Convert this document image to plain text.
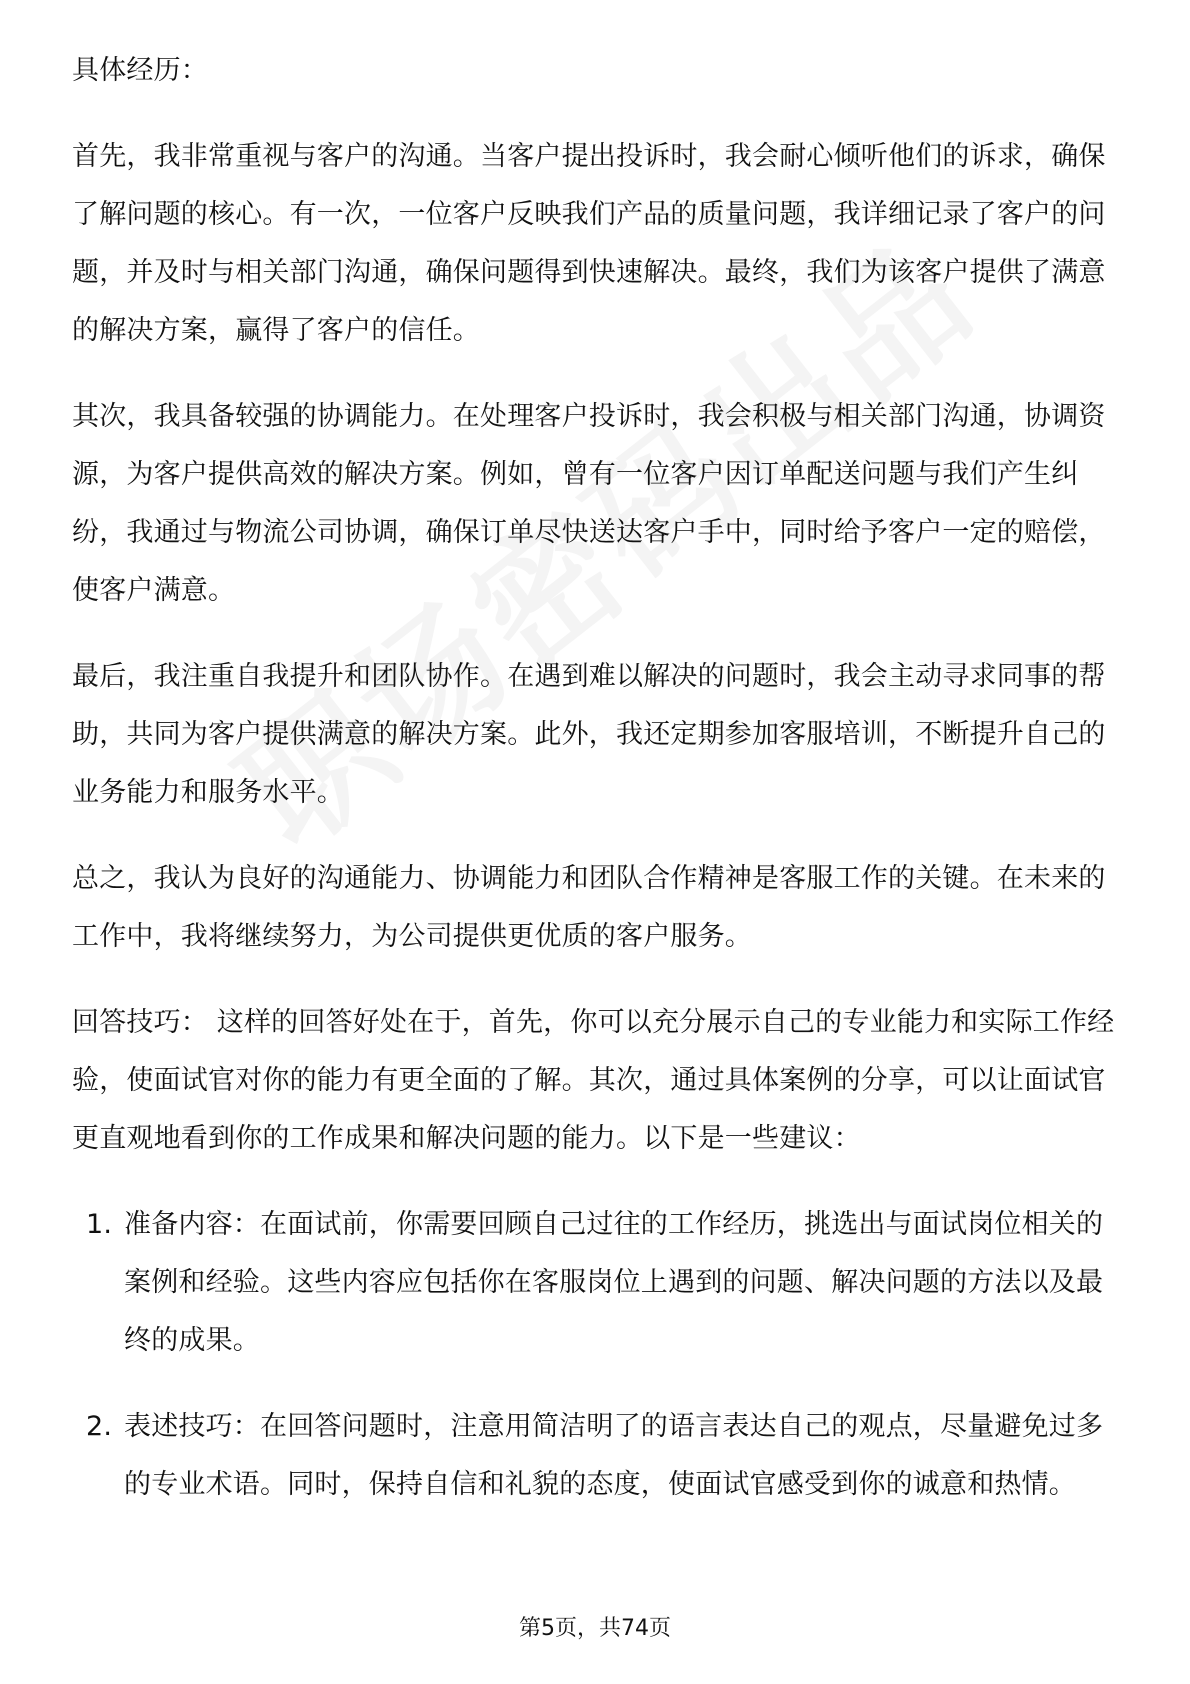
具体经历：

首先，我非常重视与客户的沟通。当客户提出投诉时，我会耐心倾听他们的诉求，确保了解问题的核心。有一次，一位客户反映我们产品的质量问题，我详细记录了客户的问题，并及时与相关部门沟通，确保问题得到快速解决。最终，我们为该客户提供了满意的解决方案，赢得了客户的信任。

其次，我具备较强的协调能力。在处理客户投诉时，我会积极与相关部门沟通，协调资源，为客户提供高效的解决方案。例如，曾有一位客户因订单配送问题与我们产生纠纷，我通过与物流公司协调，确保订单尽快送达客户手中，同时给予客户一定的赔偿，使客户满意。

最后，我注重自我提升和团队协作。在遇到难以解决的问题时，我会主动寻求同事的帮助，共同为客户提供满意的解决方案。此外，我还定期参加客服培训，不断提升自己的业务能力和服务水平。

总之，我认为良好的沟通能力、协调能力和团队合作精神是客服工作的关键。在未来的工作中，我将继续努力，为公司提供更优质的客户服务。

回答技巧： 这样的回答好处在于，首先，你可以充分展示自己的专业能力和实际工作经验，使面试官对你的能力有更全面的了解。其次，通过具体案例的分享，可以让面试官更直观地看到你的工作成果和解决问题的能力。以下是一些建议：

1. 准备内容：在面试前，你需要回顾自己过往的工作经历，挑选出与面试岗位相关的案例和经验。这些内容应包括你在客服岗位上遇到的问题、解决问题的方法以及最终的成果。
2. 表述技巧：在回答问题时，注意用简洁明了的语言表达自己的观点，尽量避免过多的专业术语。同时，保持自信和礼貌的态度，使面试官感受到你的诚意和热情。
第5页，共74页
